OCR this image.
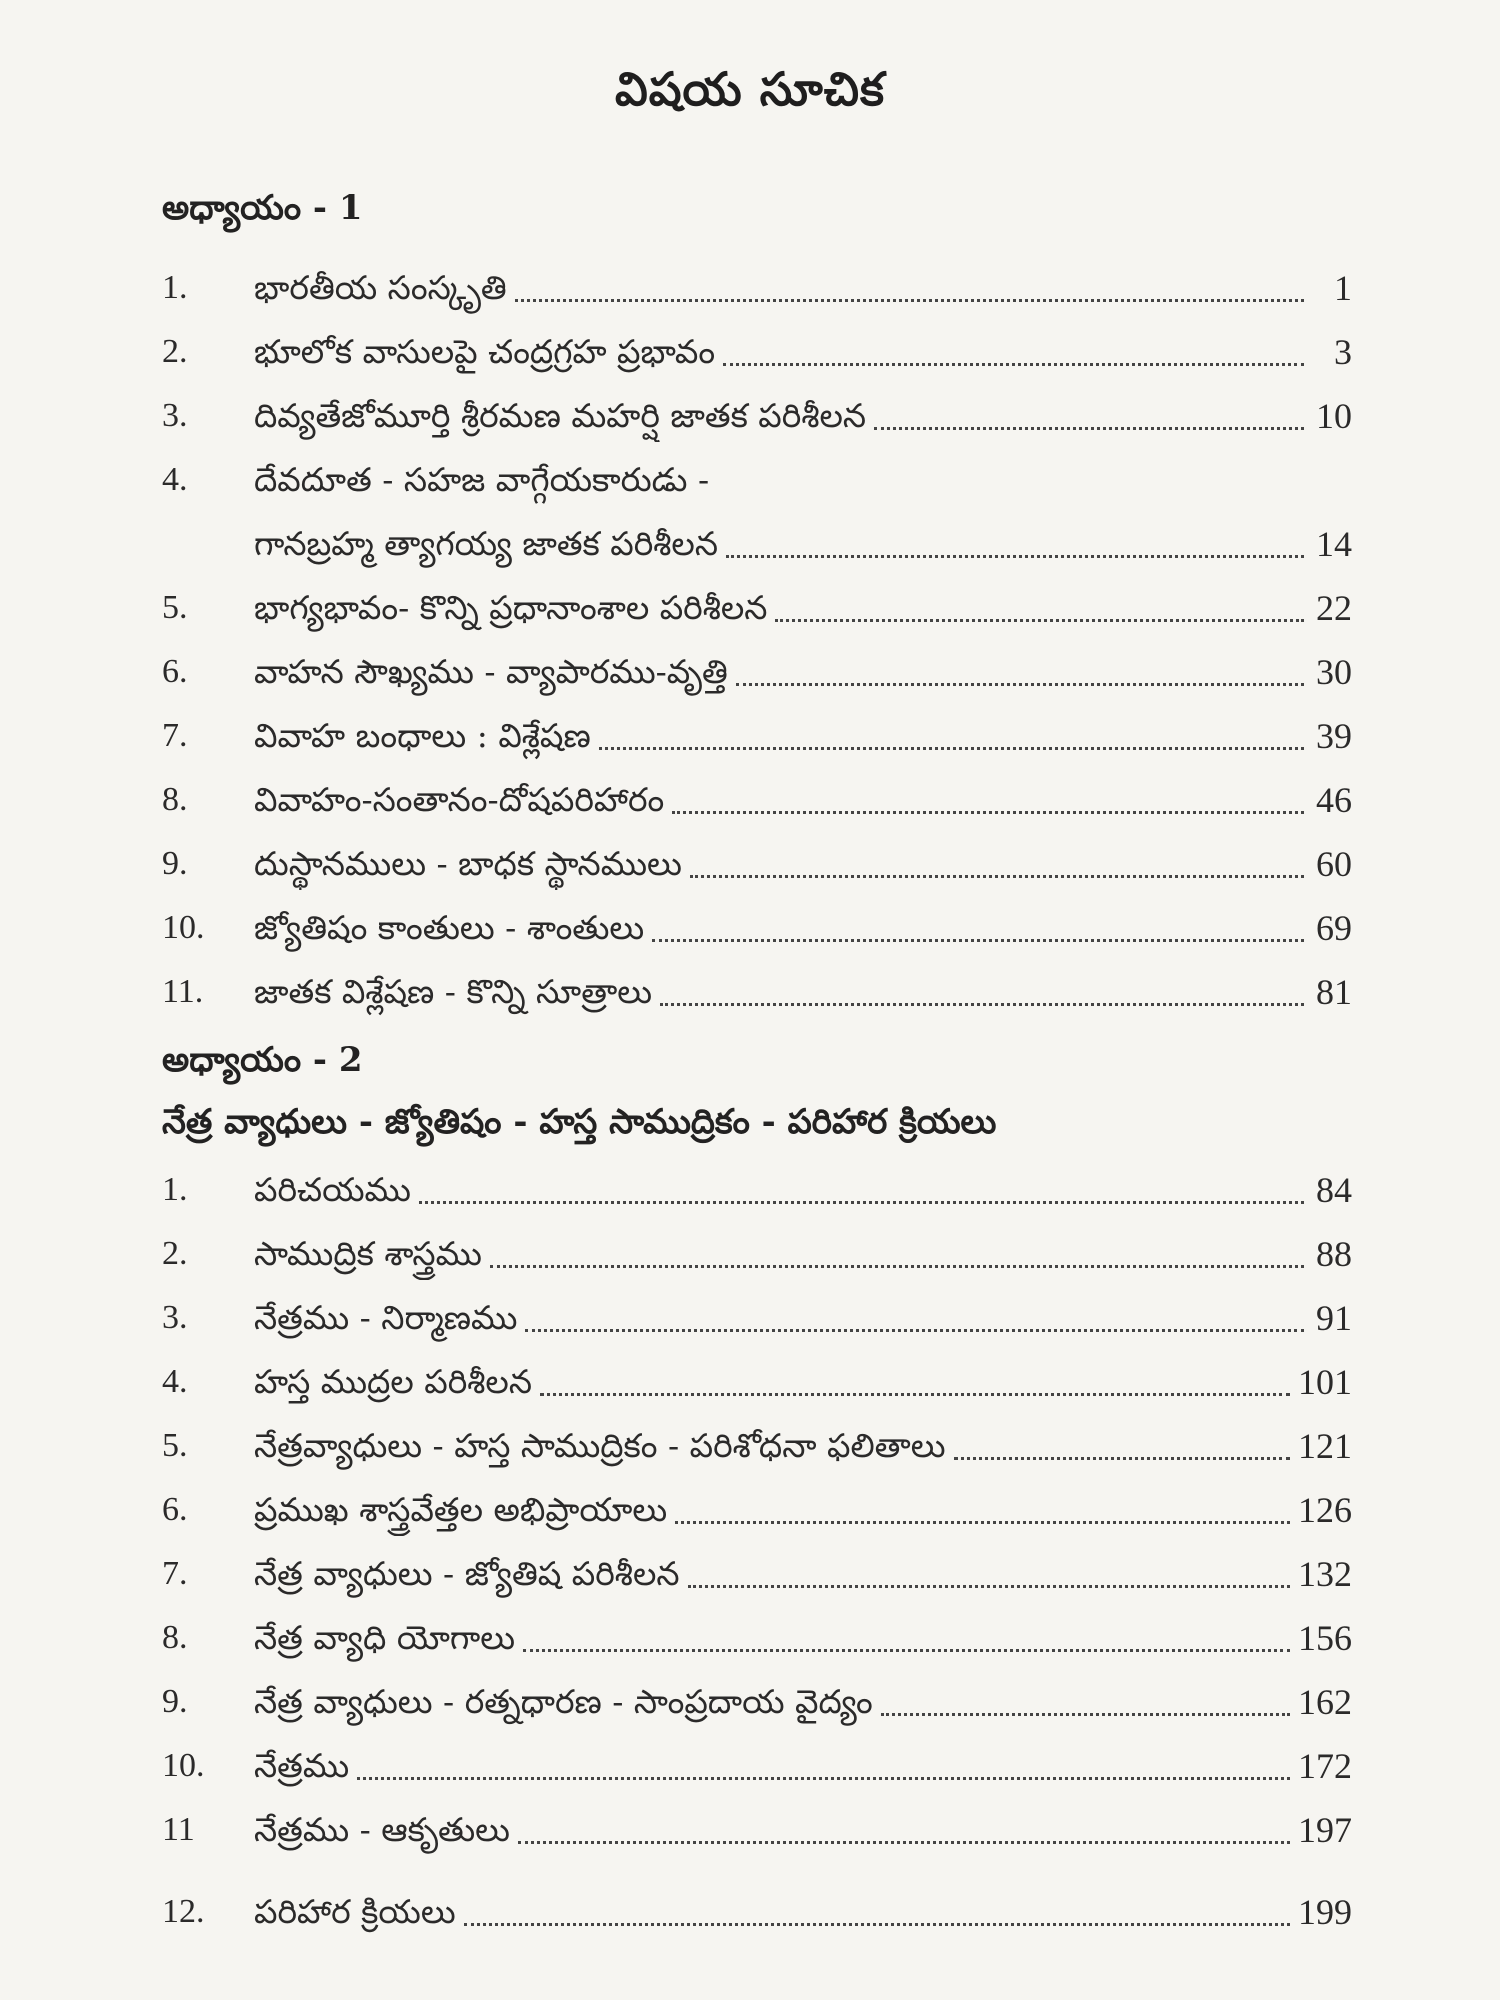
విషయ సూచిక
అధ్యాయం - 1
1.	భారతీయ సంస్కృతి	1
2.	భూలోక వాసులపై చంద్రగ్రహ ప్రభావం	3
3.	దివ్యతేజోమూర్తి శ్రీరమణ మహర్షి జాతక పరిశీలన	10
4.	దేవదూత - సహజ వాగ్గేయకారుడు -
గానబ్రహ్మ త్యాగయ్య జాతక పరిశీలన	14
5.	భాగ్యభావం- కొన్ని ప్రధానాంశాల పరిశీలన	22
6.	వాహన సౌఖ్యము - వ్యాపారము-వృత్తి	30
7.	వివాహ బంధాలు : విశ్లేషణ	39
8.	వివాహం-సంతానం-దోషపరిహారం	46
9.	దుస్థానములు - బాధక స్థానములు	60
10.	జ్యోతిషం కాంతులు - శాంతులు	69
11.	జాతక విశ్లేషణ - కొన్ని సూత్రాలు	81
అధ్యాయం - 2
నేత్ర వ్యాధులు - జ్యోతిషం - హస్త సాముద్రికం - పరిహార క్రియలు
1.	పరిచయము	84
2.	సాముద్రిక శాస్త్రము	88
3.	నేత్రము - నిర్మాణము	91
4.	హస్త ముద్రల పరిశీలన	101
5.	నేత్రవ్యాధులు - హస్త సాముద్రికం - పరిశోధనా ఫలితాలు	121
6.	ప్రముఖ శాస్త్రవేత్తల అభిప్రాయాలు	126
7.	నేత్ర వ్యాధులు - జ్యోతిష పరిశీలన	132
8.	నేత్ర వ్యాధి యోగాలు	156
9.	నేత్ర వ్యాధులు - రత్నధారణ - సాంప్రదాయ వైద్యం	162
10.	నేత్రము	172
11	నేత్రము - ఆకృతులు	197
12.	పరిహార క్రియలు	199
